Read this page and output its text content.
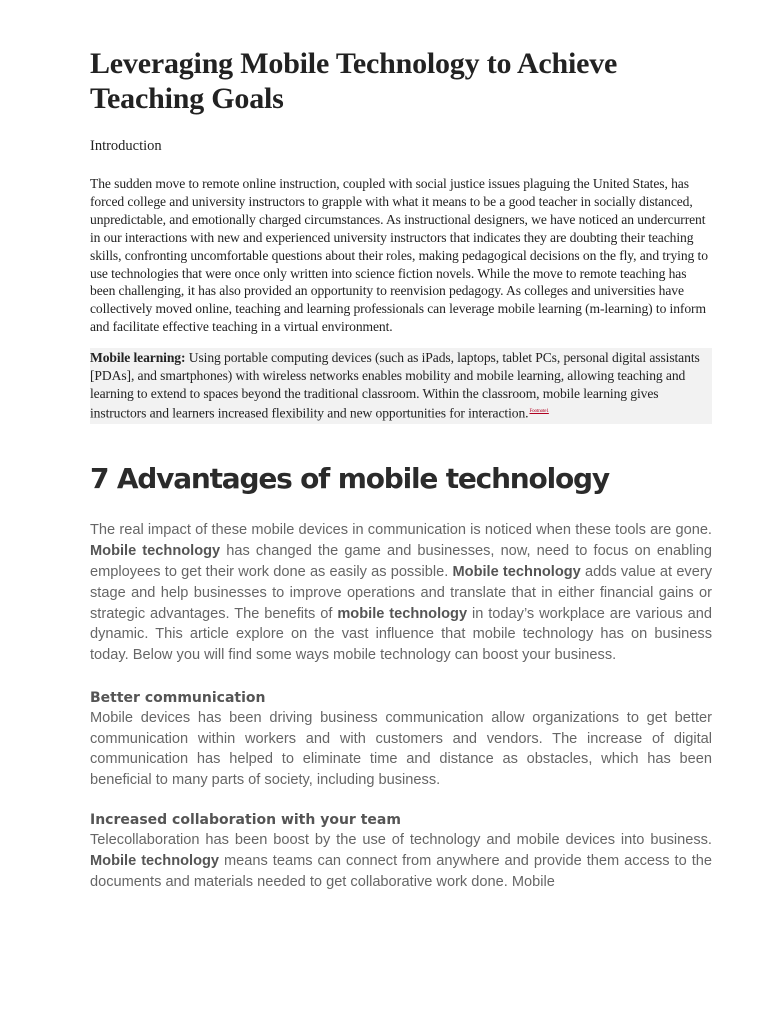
Leveraging Mobile Technology to Achieve Teaching Goals
Introduction

The sudden move to remote online instruction, coupled with social justice issues plaguing the United States, has forced college and university instructors to grapple with what it means to be a good teacher in socially distanced, unpredictable, and emotionally charged circumstances. As instructional designers, we have noticed an undercurrent in our interactions with new and experienced university instructors that indicates they are doubting their teaching skills, confronting uncomfortable questions about their roles, making pedagogical decisions on the fly, and trying to use technologies that were once only written into science fiction novels. While the move to remote teaching has been challenging, it has also provided an opportunity to reenvision pedagogy. As colleges and universities have collectively moved online, teaching and learning professionals can leverage mobile learning (m-learning) to inform and facilitate effective teaching in a virtual environment.

Mobile learning: Using portable computing devices (such as iPads, laptops, tablet PCs, personal digital assistants [PDAs], and smartphones) with wireless networks enables mobility and mobile learning, allowing teaching and learning to extend to spaces beyond the traditional classroom. Within the classroom, mobile learning gives instructors and learners increased flexibility and new opportunities for interaction.$^{Footnote1}$
7 Advantages of mobile technology

The real impact of these mobile devices in communication is noticed when these tools are gone. Mobile technology has changed the game and businesses, now, need to focus on enabling employees to get their work done as easily as possible. Mobile technology adds value at every stage and help businesses to improve operations and translate that in either financial gains or strategic advantages. The benefits of mobile technology in today’s workplace are various and dynamic. This article explore on the vast influence that mobile technology has on business today. Below you will find some ways mobile technology can boost your business.

Better communication

Mobile devices has been driving business communication allow organizations to get better communication within workers and with customers and vendors. The increase of digital communication has helped to eliminate time and distance as obstacles, which has been beneficial to many parts of society, including business.

Increased collaboration with your team

Telecollaboration has been boost by the use of technology and mobile devices into business. Mobile technology means teams can connect from anywhere and provide them access to the documents and materials needed to get collaborative work done. Mobile
